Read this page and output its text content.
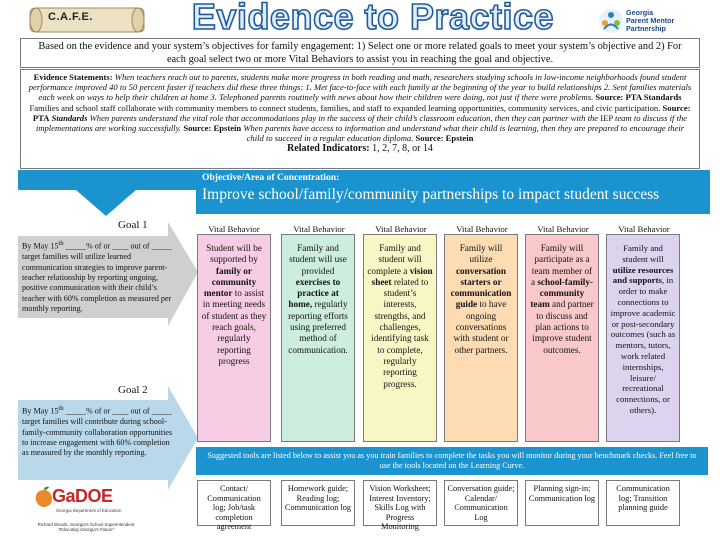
C.A.F.E.	Evidence to Practice	Georgia
Parent Mentor
Partnership
Based on the evidence and your system’s objectives for family engagement: 1) Select one or more related goals to meet your system’s objective and 2) For each goal select two or more Vital Behaviors to assist you in reaching the goal and objective.
Evidence Statements: When teachers reach out to parents, students make more progress in both reading and math, researchers studying schools in low-income neighborhoods found student performance improved 40 to 50 percent faster if teachers did these three things: 1. Met face-to-face with each family at the beginning of the year to build relationships 2. Sent families materials each week on ways to help their children at home 3. Telephoned parents routinely with news about how their children were doing, not just if there were problems. Source: PTA Standards Families and school staff collaborate with community members to connect students, families, and staff to expanded learning opportunities, community services, and civic participation. Source: PTA Standards When parents understand the vital role that accommodations play in the success of their child’s classroom education, then they can partner with the IEP team to discuss if the implementations are working successfully. Source: Epstein When parents have access to information and understand what their child is learning, then they are prepared to encourage their child to succeed in a regular education diploma. Source: Epstein
Related Indicators: 1, 2, 7, 8, or 14
Objective/Area of Concentration:
Improve school/family/community partnerships to impact student success
Goal 1
By May 15th _____% of or ____ out of _____ target families will utilize learned communication strategies to improve parent-teacher relationship by reporting ongoing, positive communication with their child’s teacher with 60% completion as measured per monthly reporting.
Goal 2
By May 15th _____% of or ____ out of _____ target families will contribute during school-family-community collaboration opportunities to increase engagement with 60% completion as measured by the monthly reporting.
Vital Behavior	Vital Behavior	Vital Behavior	Vital Behavior	Vital Behavior	Vital Behavior
Student will be supported by family or community mentor to assist in meeting needs of student as they reach goals, regularly reporting progress
Family and student will use provided exercises to practice at home, regularly reporting efforts using preferred method of communication.
Family and student will complete a vision sheet related to student’s interests, strengths, and challenges, identifying task to complete, regularly reporting progress.
Family will utilize conversation starters or communication guide to have ongoing conversations with student or other partners.
Family will participate as a team member of a school-family-community team and partner to discuss and plan actions to improve student outcomes.
Family and student will utilize resources and supports, in order to make connections to improve academic or post-secondary outcomes (such as mentors, tutors, work related internships, leisure/ recreational connections, or others).
Suggested tools are listed below to assist you as you train families to complete the tasks you will monitor during your benchmark checks. Feel free to use the tools located on the Learning Curve.
Contact/ Communication log; Job/task completion agreement
Homework guide; Reading log; Communication log
Vision Worksheet; Interest Inventory; Skills Log with Progress Monitoring
Conversation guide; Calendar/ Communication Log
Planning sign-in; Communication log
Communication log; Transition planning guide
GaDOE
Georgia Department of Education
Richard Woods, Georgia's School Superintendent
"Educating Georgia's Future"
